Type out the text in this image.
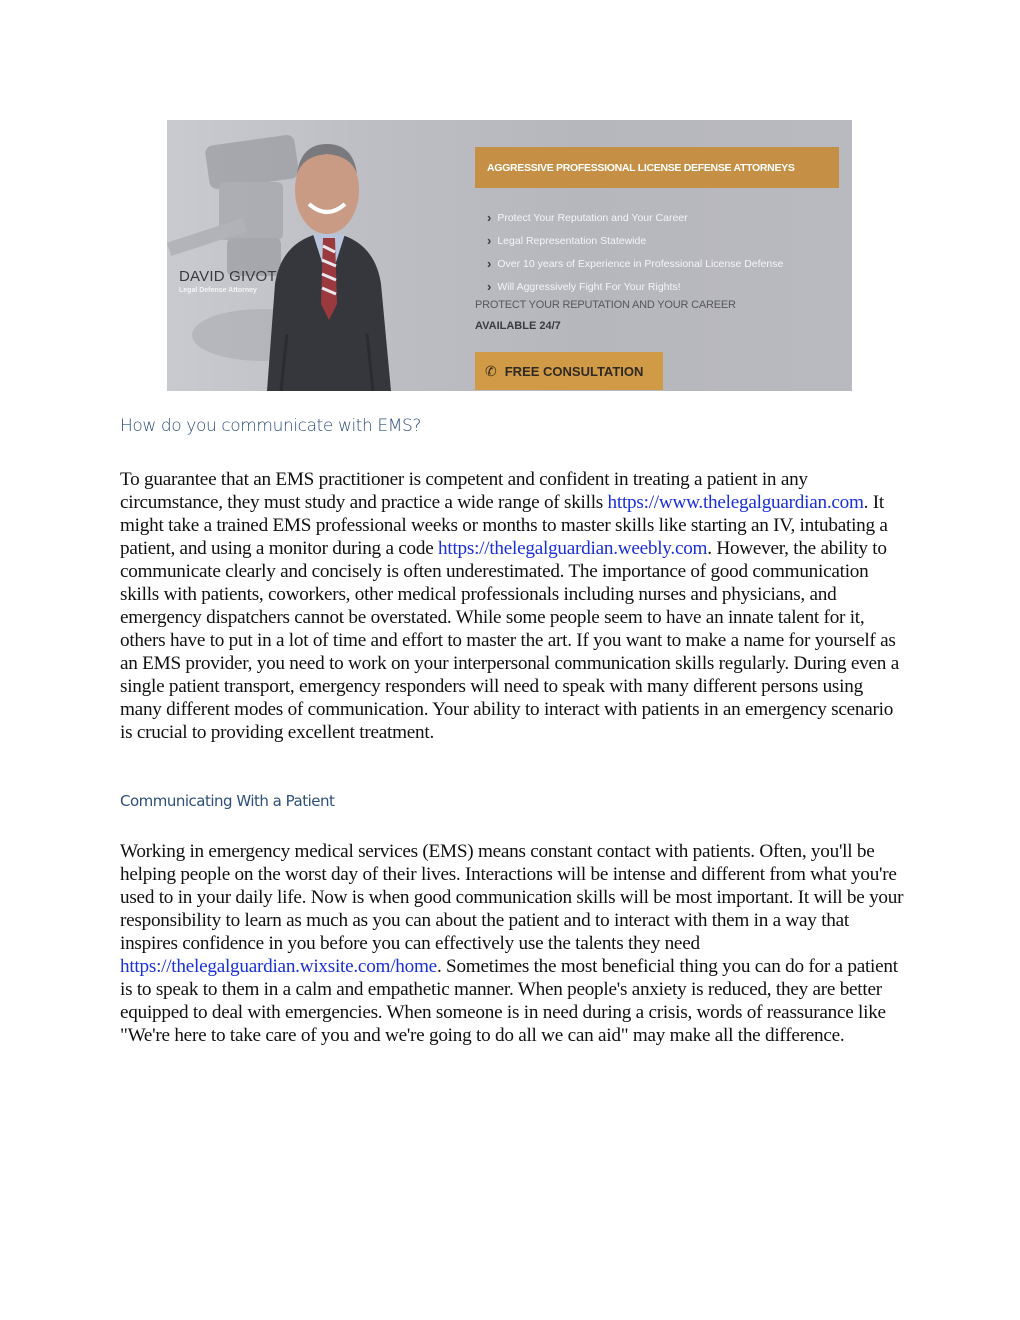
DAVID GIVOT
Legal Defense Attorney
AGGRESSIVE PROFESSIONAL LICENSE DEFENSE ATTORNEYS
› Protect Your Reputation and Your Career
› Legal Representation Statewide
› Over 10 years of Experience in Professional License Defense
› Will Aggressively Fight For Your Rights!
PROTECT YOUR REPUTATION AND YOUR CAREER
AVAILABLE 24/7
✆ FREE CONSULTATION
How do you communicate with EMS?

To guarantee that an EMS practitioner is competent and confident in treating a patient in any circumstance, they must study and practice a wide range of skills https://www.thelegalguardian.com. It might take a trained EMS professional weeks or months to master skills like starting an IV, intubating a patient, and using a monitor during a code https://thelegalguardian.weebly.com. However, the ability to communicate clearly and concisely is often underestimated. The importance of good communication skills with patients, coworkers, other medical professionals including nurses and physicians, and emergency dispatchers cannot be overstated. While some people seem to have an innate talent for it, others have to put in a lot of time and effort to master the art. If you want to make a name for yourself as an EMS provider, you need to work on your interpersonal communication skills regularly. During even a single patient transport, emergency responders will need to speak with many different persons using many different modes of communication. Your ability to interact with patients in an emergency scenario is crucial to providing excellent treatment.

Communicating With a Patient

Working in emergency medical services (EMS) means constant contact with patients. Often, you'll be helping people on the worst day of their lives. Interactions will be intense and different from what you're used to in your daily life. Now is when good communication skills will be most important. It will be your responsibility to learn as much as you can about the patient and to interact with them in a way that inspires confidence in you before you can effectively use the talents they need https://thelegalguardian.wixsite.com/home. Sometimes the most beneficial thing you can do for a patient is to speak to them in a calm and empathetic manner. When people's anxiety is reduced, they are better equipped to deal with emergencies. When someone is in need during a crisis, words of reassurance like "We're here to take care of you and we're going to do all we can aid" may make all the difference.
